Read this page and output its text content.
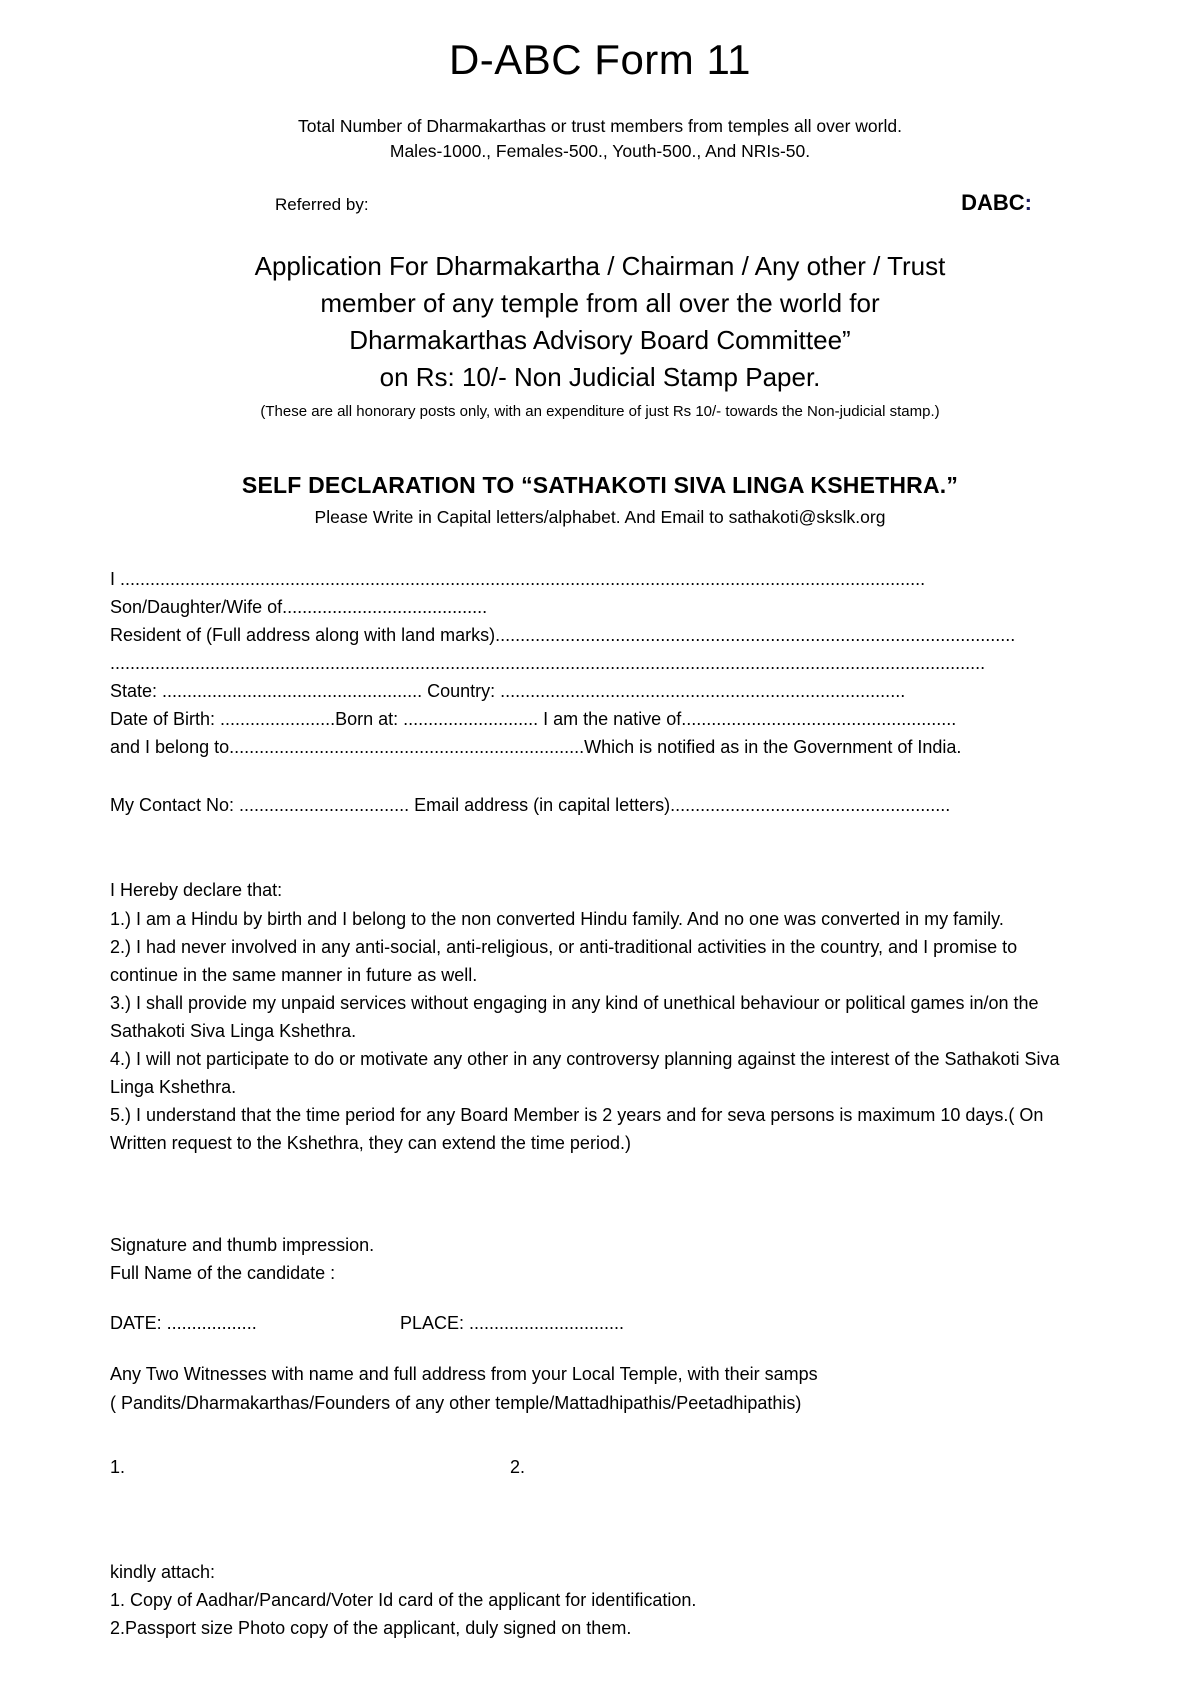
D-ABC Form 11
Total Number of Dharmakarthas or trust members from temples all over world.
Males-1000., Females-500., Youth-500., And NRIs-50.
Referred by:	DABC:
Application For Dharmakartha / Chairman / Any other / Trust
member of any temple from all over the world for
Dharmakarthas Advisory Board Committee”
on Rs: 10/- Non Judicial Stamp Paper.
(These are all honorary posts only, with an expenditure of just Rs 10/- towards the Non-judicial stamp.)
SELF DECLARATION TO “SATHAKOTI SIVA LINGA KSHETHRA.”
Please Write in Capital letters/alphabet. And Email to sathakoti@skslk.org
I .................................................................................................................................................................
Son/Daughter/Wife of.........................................
Resident of (Full address along with land marks)........................................................................................................
...............................................................................................................................................................................
State: .................................................... Country: .................................................................................
Date of Birth: .......................Born at: ........................... I am the native of.......................................................
and I belong to.......................................................................Which is notified as in the Government of India.
My Contact No: .................................. Email address (in capital letters)........................................................

I Hereby declare that:

1.) I am a Hindu by birth and I belong to the non converted Hindu family. And no one was converted in my family.

2.) I had never involved in any anti-social, anti-religious, or anti-traditional activities in the country, and I promise to continue in the same manner in future as well.

3.) I shall provide my unpaid services without engaging in any kind of unethical behaviour or political games in/on the Sathakoti Siva Linga Kshethra.

4.) I will not participate to do or motivate any other in any controversy planning against the interest of the Sathakoti Siva Linga Kshethra.

5.) I understand that the time period for any Board Member is 2 years and for seva persons is maximum 10 days.( On Written request to the Kshethra, they can extend the time period.)

Signature and thumb impression.
Full Name of the candidate :
DATE: ..................	PLACE: ...............................
Any Two Witnesses with name and full address from your Local Temple, with their samps
( Pandits/Dharmakarthas/Founders of any other temple/Mattadhipathis/Peetadhipathis)
1.	2.

kindly attach:

1. Copy of Aadhar/Pancard/Voter Id card of the applicant for identification.

2.Passport size Photo copy of the applicant, duly signed on them.
